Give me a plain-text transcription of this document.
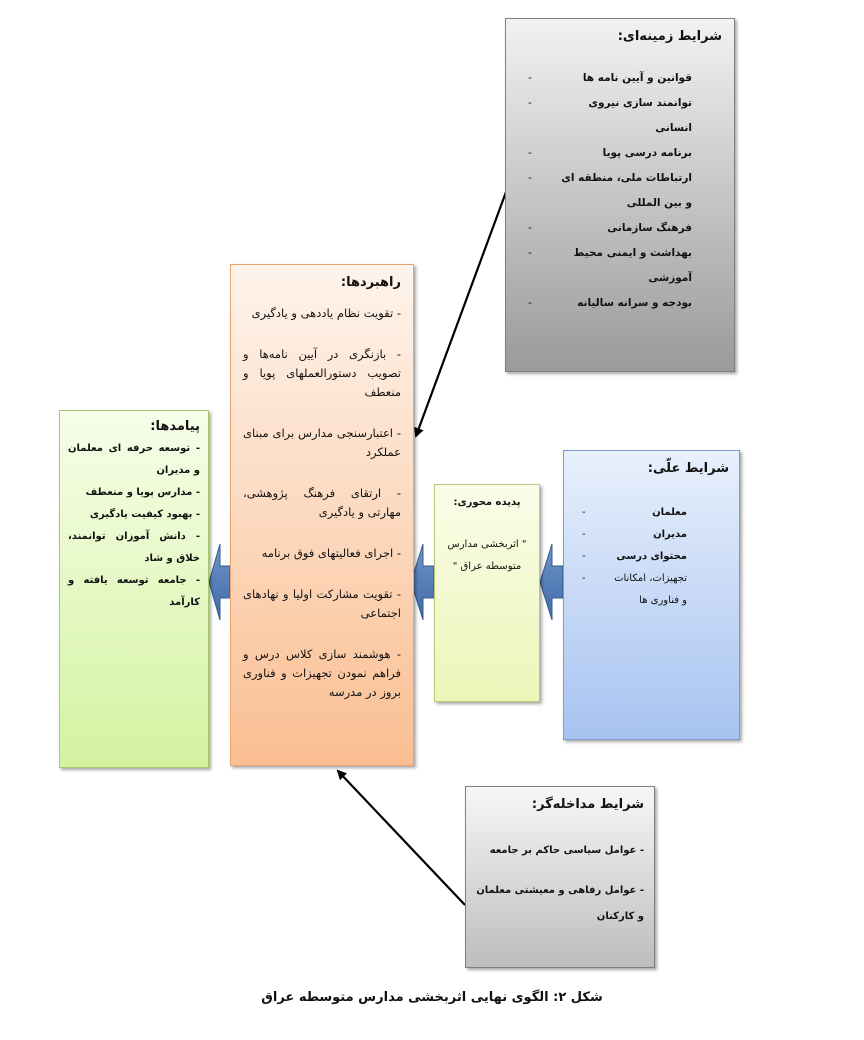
شرایط زمینه‌ای:

قوانین و آیین نامه ها -
توانمند سازی نیروی انسانی -
برنامه درسی پویا -
ارتباطات ملی، منطقه ای و بین المللی -
فرهنگ سازمانی -
بهداشت و ایمنی محیط آموزشی -
بودجه و سرانه سالیانه -

راهبردها:

- تقویت نظام یاددهی و یادگیری
- بازنگری در آیین نامه‌ها و تصویب دستورالعملهای پویا و منعطف
- اعتبارسنجی مدارس برای مبنای عملکرد
- ارتقای فرهنگ پژوهشی، مهارتی و یادگیری
- اجرای فعالیتهای فوق برنامه
- تقویت مشارکت اولیا و نهادهای اجتماعی
- هوشمند سازی کلاس درس و فراهم نمودن تجهیزات و فناوری بروز در مدرسه

پیامدها:

- توسعه حرفه ای معلمان و مدیران
- مدارس پویا و منعطف
- بهبود کیفیت یادگیری
- دانش آموزان توانمند، خلاق و شاد
- جامعه توسعه یافته و کارآمد

پدیده محوری:

" اثربخشی مدارس متوسطه عراق "

شرایط علّی:

معلمان -
مدیران -
محتوای درسی -
تجهیزات، امکانات و فناوری ها -

شرایط مداخله‌گر:

- عوامل سیاسی حاکم بر جامعه
- عوامل رفاهی و معیشتی معلمان و کارکنان
شکل ۲: الگوی نهایی اثربخشی مدارس متوسطه عراق
